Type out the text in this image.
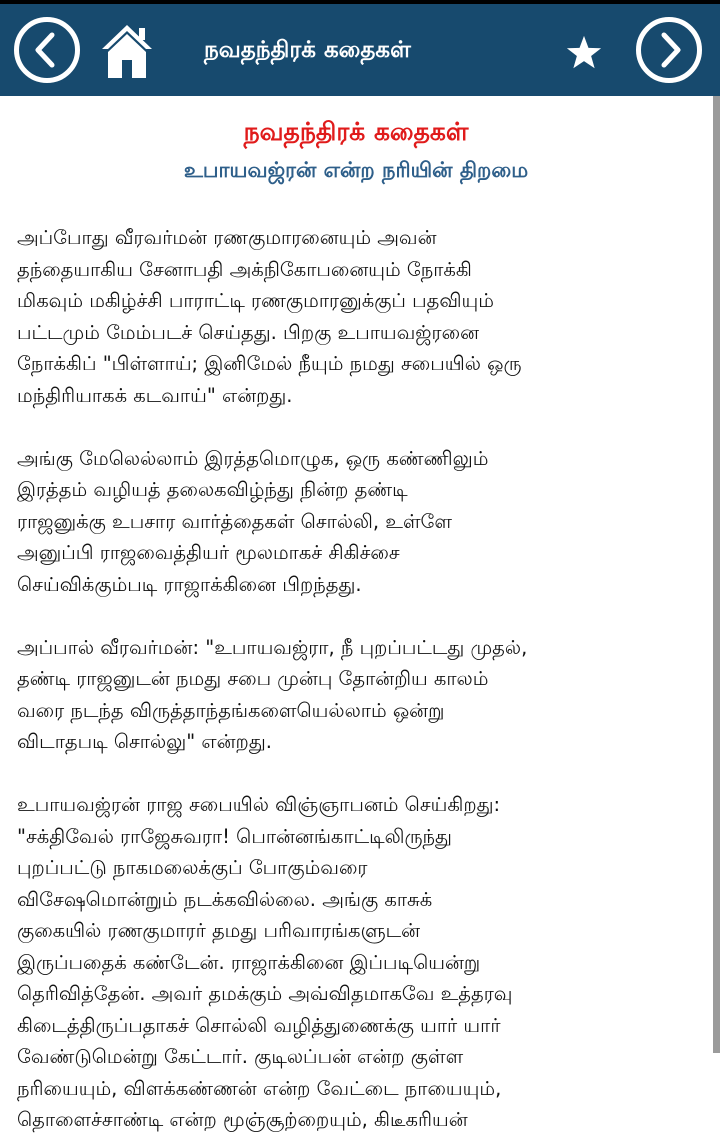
நவதந்திரக் கதைகள்
நவதந்திரக் கதைகள்
உபாயவஜ்ரன் என்ற நரியின் திறமை

அப்போது வீரவர்மன் ரணகுமாரனையும் அவன்
தந்தையாகிய சேனாபதி அக்நிகோபனையும் நோக்கி
மிகவும் மகிழ்ச்சி பாராட்டி ரணகுமாரனுக்குப் பதவியும்
பட்டமும் மேம்படச் செய்தது. பிறகு உபாயவஜ்ரனை
நோக்கிப் "பிள்ளாய்; இனிமேல் நீயும் நமது சபையில் ஒரு
மந்திரியாகக் கடவாய்" என்றது.

அங்கு மேலெல்லாம் இரத்தமொழுக, ஒரு கண்ணிலும்
இரத்தம் வழியத் தலைகவிழ்ந்து நின்ற தண்டி
ராஜனுக்கு உபசார வார்த்தைகள் சொல்லி, உள்ளே
அனுப்பி ராஜவைத்தியர் மூலமாகச் சிகிச்சை
செய்விக்கும்படி ராஜாக்கினை பிறந்தது.

அப்பால் வீரவர்மன்: "உபாயவஜ்ரா, நீ புறப்பட்டது முதல்,
தண்டி ராஜனுடன் நமது சபை முன்பு தோன்றிய காலம்
வரை நடந்த விருத்தாந்தங்களையெல்லாம் ஒன்று
விடாதபடி சொல்லு" என்றது.

உபாயவஜ்ரன் ராஜ சபையில் விஞ்ஞாபனம் செய்கிறது:
"சக்திவேல் ராஜேசுவரா! பொன்னங்காட்டிலிருந்து
புறப்பட்டு நாகமலைக்குப் போகும்வரை
விசேஷமொன்றும் நடக்கவில்லை. அங்கு காசுக்
குகையில் ரணகுமாரர் தமது பரிவாரங்களுடன்
இருப்பதைக் கண்டேன். ராஜாக்கினை இப்படியென்று
தெரிவித்தேன். அவர் தமக்கும் அவ்விதமாகவே உத்தரவு
கிடைத்திருப்பதாகச் சொல்லி வழித்துணைக்கு யார் யார்
வேண்டுமென்று கேட்டார். குடிலப்பன் என்ற குள்ள
நரியையும், விளக்கண்ணன் என்ற வேட்டை நாயையும்,
தொளைச்சாண்டி என்ற மூஞ்சூற்றையும், கிடீகரியன்
